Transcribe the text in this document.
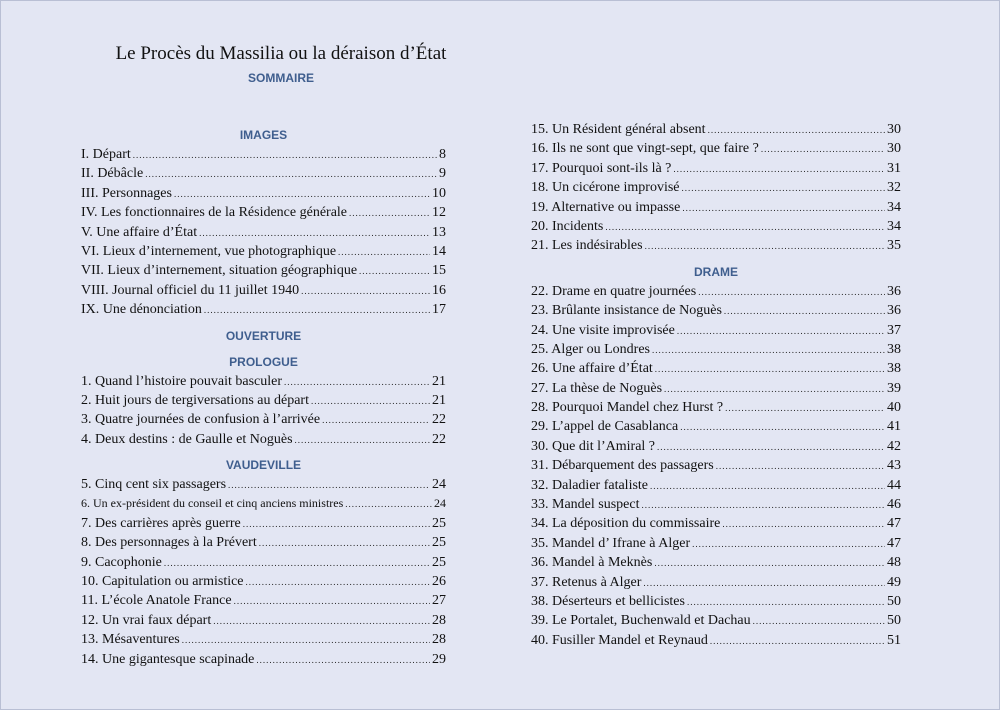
Le Procès du Massilia ou la déraison d’État
SOMMAIRE
IMAGES
I. Départ .....	8
II. Débâcle .....	9
III. Personnages .....	10
IV. Les fonctionnaires de la Résidence générale .....	12
V. Une affaire d’État .....	13
VI. Lieux d’internement, vue photographique .....	14
VII. Lieux d’internement, situation géographique .....	15
VIII. Journal officiel du 11 juillet 1940 .....	16
IX. Une dénonciation .....	17
OUVERTURE
PROLOGUE
1. Quand l’histoire pouvait basculer .....	21
2. Huit jours de tergiversations au départ .....	21
3. Quatre journées de confusion à l’arrivée .....	22
4. Deux destins : de Gaulle et Noguès .....	22
VAUDEVILLE
5. Cinq cent six passagers .....	24
6. Un ex-président du conseil et cinq anciens ministres .....	24
7. Des carrières après guerre .....	25
8. Des personnages à la Prévert .....	25
9. Cacophonie .....	25
10. Capitulation ou armistice .....	26
11. L’école Anatole France .....	27
12. Un vrai faux départ .....	28
13. Mésaventures .....	28
14. Une gigantesque scapinade .....	29
15. Un Résident général absent .....	30
16. Ils ne sont que vingt-sept, que faire ? .....	30
17. Pourquoi sont-ils là ? .....	31
18. Un cicérone improvisé .....	32
19. Alternative ou impasse .....	34
20. Incidents .....	34
21. Les indésirables .....	35
DRAME
22. Drame en quatre journées .....	36
23. Brûlante insistance de Noguès .....	36
24. Une visite improvisée .....	37
25. Alger ou Londres .....	38
26. Une affaire d’État .....	38
27. La thèse de Noguès .....	39
28. Pourquoi Mandel chez Hurst ? .....	40
29. L’appel de Casablanca .....	41
30. Que dit l’Amiral ? .....	42
31. Débarquement des passagers .....	43
32. Daladier fataliste .....	44
33. Mandel suspect .....	46
34. La déposition du commissaire .....	47
35. Mandel d’ Ifrane à Alger .....	47
36. Mandel à Meknès .....	48
37. Retenus à Alger .....	49
38. Déserteurs et bellicistes .....	50
39. Le Portalet, Buchenwald et Dachau .....	50
40. Fusiller Mandel et Reynaud .....	51
